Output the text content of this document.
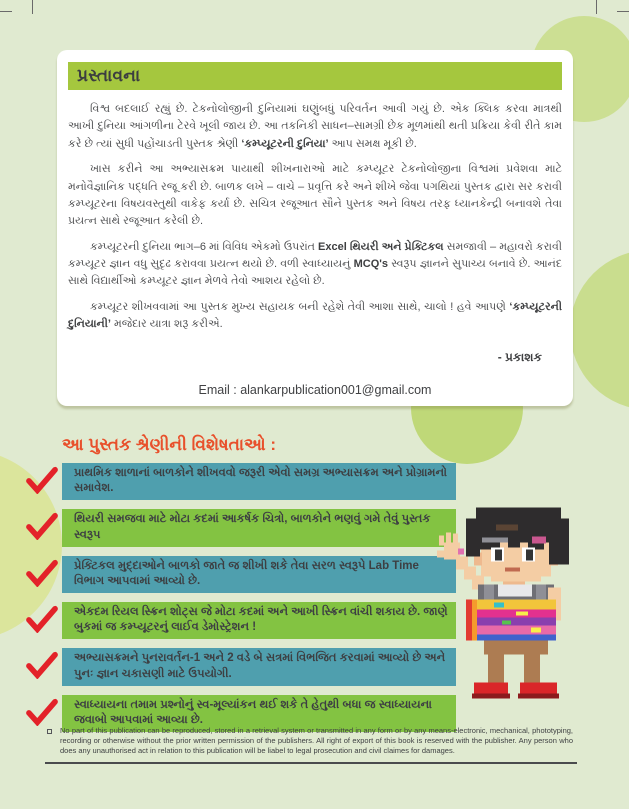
પ્રસ્તાવના

વિશ્વ બદલાઈ રહ્યું છે. ટેકનોલોજીની દુનિયામાં ઘણુંબધું પરિવર્તન આવી ગયું છે. એક ક્લિક કરવા માત્રથી આખી દુનિયા આંગળીના ટેરવે ખૂલી જાય છે. આ તકનિકી સાધન–સામગ્રી છેક મૂળમાંથી થતી પ્રક્રિયા કેવી રીતે કામ કરે છે ત્યાં સુધી પહોંચાડતી પુસ્તક શ્રેણી ‘કમ્પ્યૂટરની દુનિયા’ આપ સમક્ષ મૂકી છે.

ખાસ કરીને આ અભ્યાસક્રમ પાયાથી શીખનારાઓ માટે કમ્પ્યૂટર ટેકનોલોજીના વિશ્વમાં પ્રવેશવા માટે મનોવૈજ્ઞાનિક પદ્ધતિ રજૂ કરી છે. બાળક લખે – વાચે – પ્રવૃત્તિ કરે અને શીખે જેવા પગથિયાં પુસ્તક દ્વારા સર કરાવી કમ્પ્યૂટરના વિષયવસ્તુથી વાકેફ કર્યા છે. સચિત્ર રજૂઆત સૌને પુસ્તક અને વિષય તરફ ધ્યાનકેન્દ્રી બનાવશે તેવા પ્રયત્ન સાથે રજૂઆત કરેલી છે.

કમ્પ્યૂટરની દુનિયા ભાગ–6 માં વિવિધ એકમો ઉપરાંત Excel થિયરી અને પ્રેક્ટિકલ સમજાવી – મહાવરો કરાવી કમ્પ્યૂટર જ્ઞાન વધુ સુદૃઢ કરાવવા પ્રયત્ન થયો છે. વળી સ્વાધ્યાયનું MCQ's સ્વરૂપ જ્ઞાનને સુપાચ્ય બનાવે છે. આનંદ સાથે વિદ્યાર્થીઓ કમ્પ્યૂટર જ્ઞાન મેળવે તેવો આશય રહેલો છે.

કમ્પ્યૂટર શીખવવામાં આ પુસ્તક મુખ્ય સહાયક બની રહેશે તેવી આશા સાથે, ચાલો ! હવે આપણે ‘કમ્પ્યૂટરની દુનિયાની’ મજેદાર યાત્રા શરૂ કરીએ.

- પ્રકાશક
Email : alankarpublication001@gmail.com
આ પુસ્તક શ્રેણીની વિશેષતાઓ :
પ્રાથમિક શાળાનાં બાળકોને શીખવવો જરૂરી એવો સમગ્ર અભ્યાસક્રમ અને પ્રોગ્રામનો સમાવેશ.
થિયરી સમજવા માટે મોટા કદમાં આકર્ષક ચિત્રો, બાળકોને ભણવું ગમે તેવું પુસ્તક સ્વરૂપ
પ્રેક્ટિકલ મુદ્દાઓને બાળકો જાતે જ શીખી શકે તેવા સરળ સ્વરૂપે Lab Time વિભાગ આપવામાં આવ્યો છે.
એકદમ રિયલ સ્ક્રિન શોટ્સ જે મોટા કદમાં અને આખી સ્ક્રિન વાંચી શકાય છે. જાણે બુકમાં જ કમ્પ્યૂટરનું લાઈવ ડેમોસ્ટ્રેશન !
અભ્યાસક્રમને પુનરાવર્તન-1 અને 2 વડે બે સત્રમાં વિભજિત કરવામાં આવ્યો છે અને પુનઃ જ્ઞાન ચકાસણી માટે ઉપયોગી.
સ્વાધ્યાયના તમામ પ્રશ્નોનું સ્વ-મૂલ્યાંકન થઈ શકે તે હેતુથી બધા જ સ્વાધ્યાયના જવાબો આપવામાં આવ્યા છે.
No part of this publication can be reproduced, stored in a retrieval system or transmitted in any form or by any means-electronic, mechanical, phototyping, recording or otherwise without the prior written permission of the publishers. All right of export of this book is reserved with the publisher. Any person who does any unauthorised act in relation to this publication will be liabel to legal prosecution and civil claimes for damages.
